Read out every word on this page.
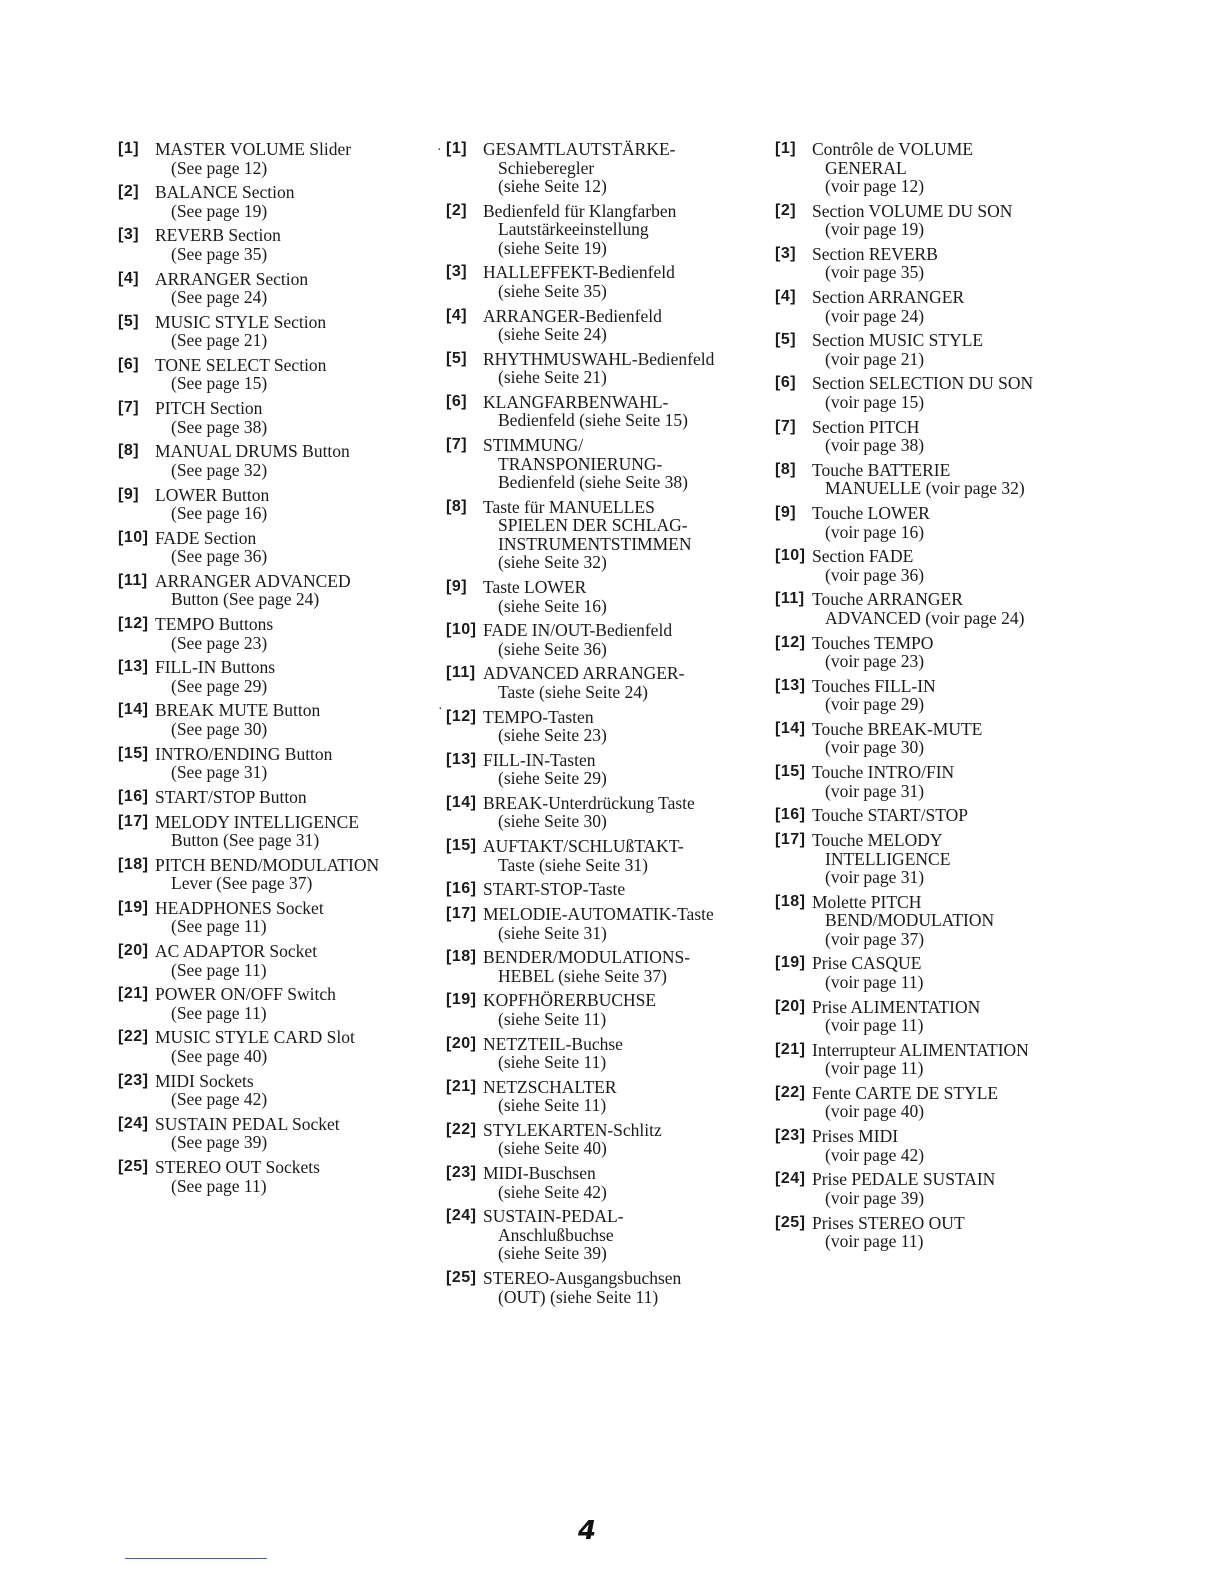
[1] MASTER VOLUME Slider
(See page 12)
[2] BALANCE Section
(See page 19)
[3] REVERB Section
(See page 35)
[4] ARRANGER Section
(See page 24)
[5] MUSIC STYLE Section
(See page 21)
[6] TONE SELECT Section
(See page 15)
[7] PITCH Section
(See page 38)
[8] MANUAL DRUMS Button
(See page 32)
[9] LOWER Button
(See page 16)
[10] FADE Section
(See page 36)
[11] ARRANGER ADVANCED
Button (See page 24)
[12] TEMPO Buttons
(See page 23)
[13] FILL-IN Buttons
(See page 29)
[14] BREAK MUTE Button
(See page 30)
[15] INTRO/ENDING Button
(See page 31)
[16] START/STOP Button
[17] MELODY INTELLIGENCE
Button (See page 31)
[18] PITCH BEND/MODULATION
Lever (See page 37)
[19] HEADPHONES Socket
(See page 11)
[20] AC ADAPTOR Socket
(See page 11)
[21] POWER ON/OFF Switch
(See page 11)
[22] MUSIC STYLE CARD Slot
(See page 40)
[23] MIDI Sockets
(See page 42)
[24] SUSTAIN PEDAL Socket
(See page 39)
[25] STEREO OUT Sockets
(See page 11)
[1] GESAMTLAUTSTÄRKE-
Schieberegler
(siehe Seite 12)
[2] Bedienfeld für Klangfarben
Lautstärkeeinstellung
(siehe Seite 19)
[3] HALLEFFEKT-Bedienfeld
(siehe Seite 35)
[4] ARRANGER-Bedienfeld
(siehe Seite 24)
[5] RHYTHMUSWAHL-Bedienfeld
(siehe Seite 21)
[6] KLANGFARBENWAHL-
Bedienfeld (siehe Seite 15)
[7] STIMMUNG/
TRANSPONIERUNG-
Bedienfeld (siehe Seite 38)
[8] Taste für MANUELLES
SPIELEN DER SCHLAG-
INSTRUMENTSTIMMEN
(siehe Seite 32)
[9] Taste LOWER
(siehe Seite 16)
[10] FADE IN/OUT-Bedienfeld
(siehe Seite 36)
[11] ADVANCED ARRANGER-
Taste (siehe Seite 24)
[12] TEMPO-Tasten
(siehe Seite 23)
[13] FILL-IN-Tasten
(siehe Seite 29)
[14] BREAK-Unterdrückung Taste
(siehe Seite 30)
[15] AUFTAKT/SCHLUßTAKT-
Taste (siehe Seite 31)
[16] START-STOP-Taste
[17] MELODIE-AUTOMATIK-Taste
(siehe Seite 31)
[18] BENDER/MODULATIONS-
HEBEL (siehe Seite 37)
[19] KOPFHÖRERBUCHSE
(siehe Seite 11)
[20] NETZTEIL-Buchse
(siehe Seite 11)
[21] NETZSCHALTER
(siehe Seite 11)
[22] STYLEKARTEN-Schlitz
(siehe Seite 40)
[23] MIDI-Buschsen
(siehe Seite 42)
[24] SUSTAIN-PEDAL-
Anschlußbuchse
(siehe Seite 39)
[25] STEREO-Ausgangsbuchsen
(OUT) (siehe Seite 11)
[1] Contrôle de VOLUME
GENERAL
(voir page 12)
[2] Section VOLUME DU SON
(voir page 19)
[3] Section REVERB
(voir page 35)
[4] Section ARRANGER
(voir page 24)
[5] Section MUSIC STYLE
(voir page 21)
[6] Section SELECTION DU SON
(voir page 15)
[7] Section PITCH
(voir page 38)
[8] Touche BATTERIE
MANUELLE (voir page 32)
[9] Touche LOWER
(voir page 16)
[10] Section FADE
(voir page 36)
[11] Touche ARRANGER
ADVANCED (voir page 24)
[12] Touches TEMPO
(voir page 23)
[13] Touches FILL-IN
(voir page 29)
[14] Touche BREAK-MUTE
(voir page 30)
[15] Touche INTRO/FIN
(voir page 31)
[16] Touche START/STOP
[17] Touche MELODY
INTELLIGENCE
(voir page 31)
[18] Molette PITCH
BEND/MODULATION
(voir page 37)
[19] Prise CASQUE
(voir page 11)
[20] Prise ALIMENTATION
(voir page 11)
[21] Interrupteur ALIMENTATION
(voir page 11)
[22] Fente CARTE DE STYLE
(voir page 40)
[23] Prises MIDI
(voir page 42)
[24] Prise PEDALE SUSTAIN
(voir page 39)
[25] Prises STEREO OUT
(voir page 11)
·
·
4
